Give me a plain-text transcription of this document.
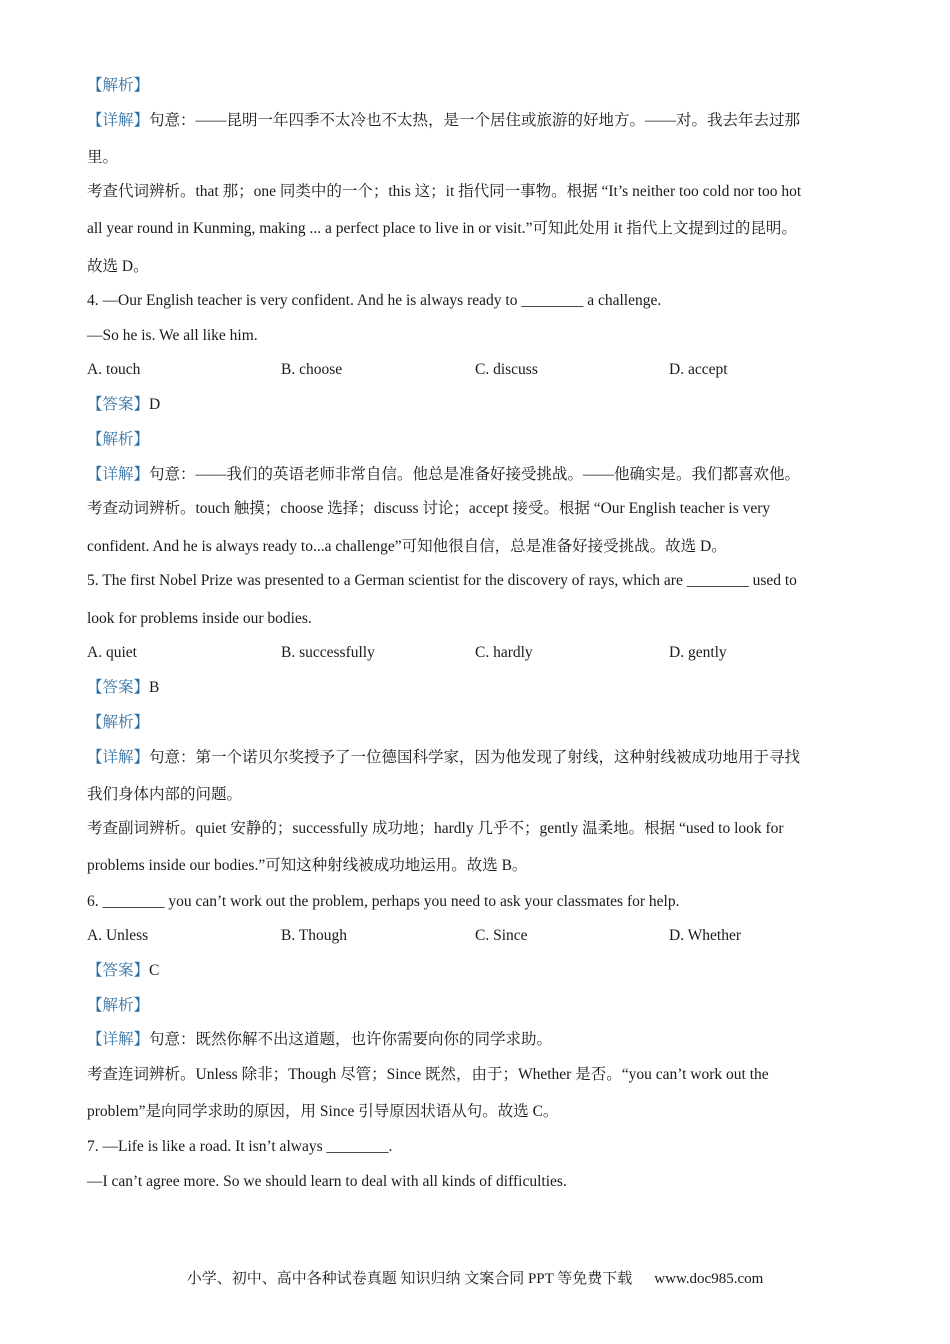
【解析】
【详解】句意：——昆明一年四季不太冷也不太热，是一个居住或旅游的好地方。——对。我去年去过那
里。
考查代词辨析。that 那；one 同类中的一个；this 这；it 指代同一事物。根据 “It’s neither too cold nor too hot
all year round in Kunming, making ... a perfect place to live in or visit.”可知此处用 it 指代上文提到过的昆明。
故选 D。
4. —Our English teacher is very confident. And he is always ready to ________ a challenge.
—So he is. We all like him.
A. touch	B. choose	C. discuss	D. accept
【答案】D
【解析】
【详解】句意：——我们的英语老师非常自信。他总是准备好接受挑战。——他确实是。我们都喜欢他。
考查动词辨析。touch 触摸；choose 选择；discuss 讨论；accept 接受。根据 “Our English teacher is very
confident. And he is always ready to...a challenge”可知他很自信，总是准备好接受挑战。故选 D。
5. The first Nobel Prize was presented to a German scientist for the discovery of rays, which are ________ used to
look for problems inside our bodies.
A. quiet	B. successfully	C. hardly	D. gently
【答案】B
【解析】
【详解】句意：第一个诺贝尔奖授予了一位德国科学家，因为他发现了射线，这种射线被成功地用于寻找
我们身体内部的问题。
考查副词辨析。quiet 安静的；successfully 成功地；hardly 几乎不；gently 温柔地。根据 “used to look for
problems inside our bodies.”可知这种射线被成功地运用。故选 B。
6. ________ you can’t work out the problem, perhaps you need to ask your classmates for help.
A. Unless	B. Though	C. Since	D. Whether
【答案】C
【解析】
【详解】句意：既然你解不出这道题，也许你需要向你的同学求助。
考查连词辨析。Unless 除非；Though 尽管；Since 既然，由于；Whether 是否。“you can’t work out the
problem”是向同学求助的原因，用 Since 引导原因状语从句。故选 C。
7. —Life is like a road. It isn’t always ________.
—I can’t agree more. So we should learn to deal with all kinds of difficulties.
小学、初中、高中各种试卷真题 知识归纳 文案合同 PPT 等免费下载 www.doc985.com
